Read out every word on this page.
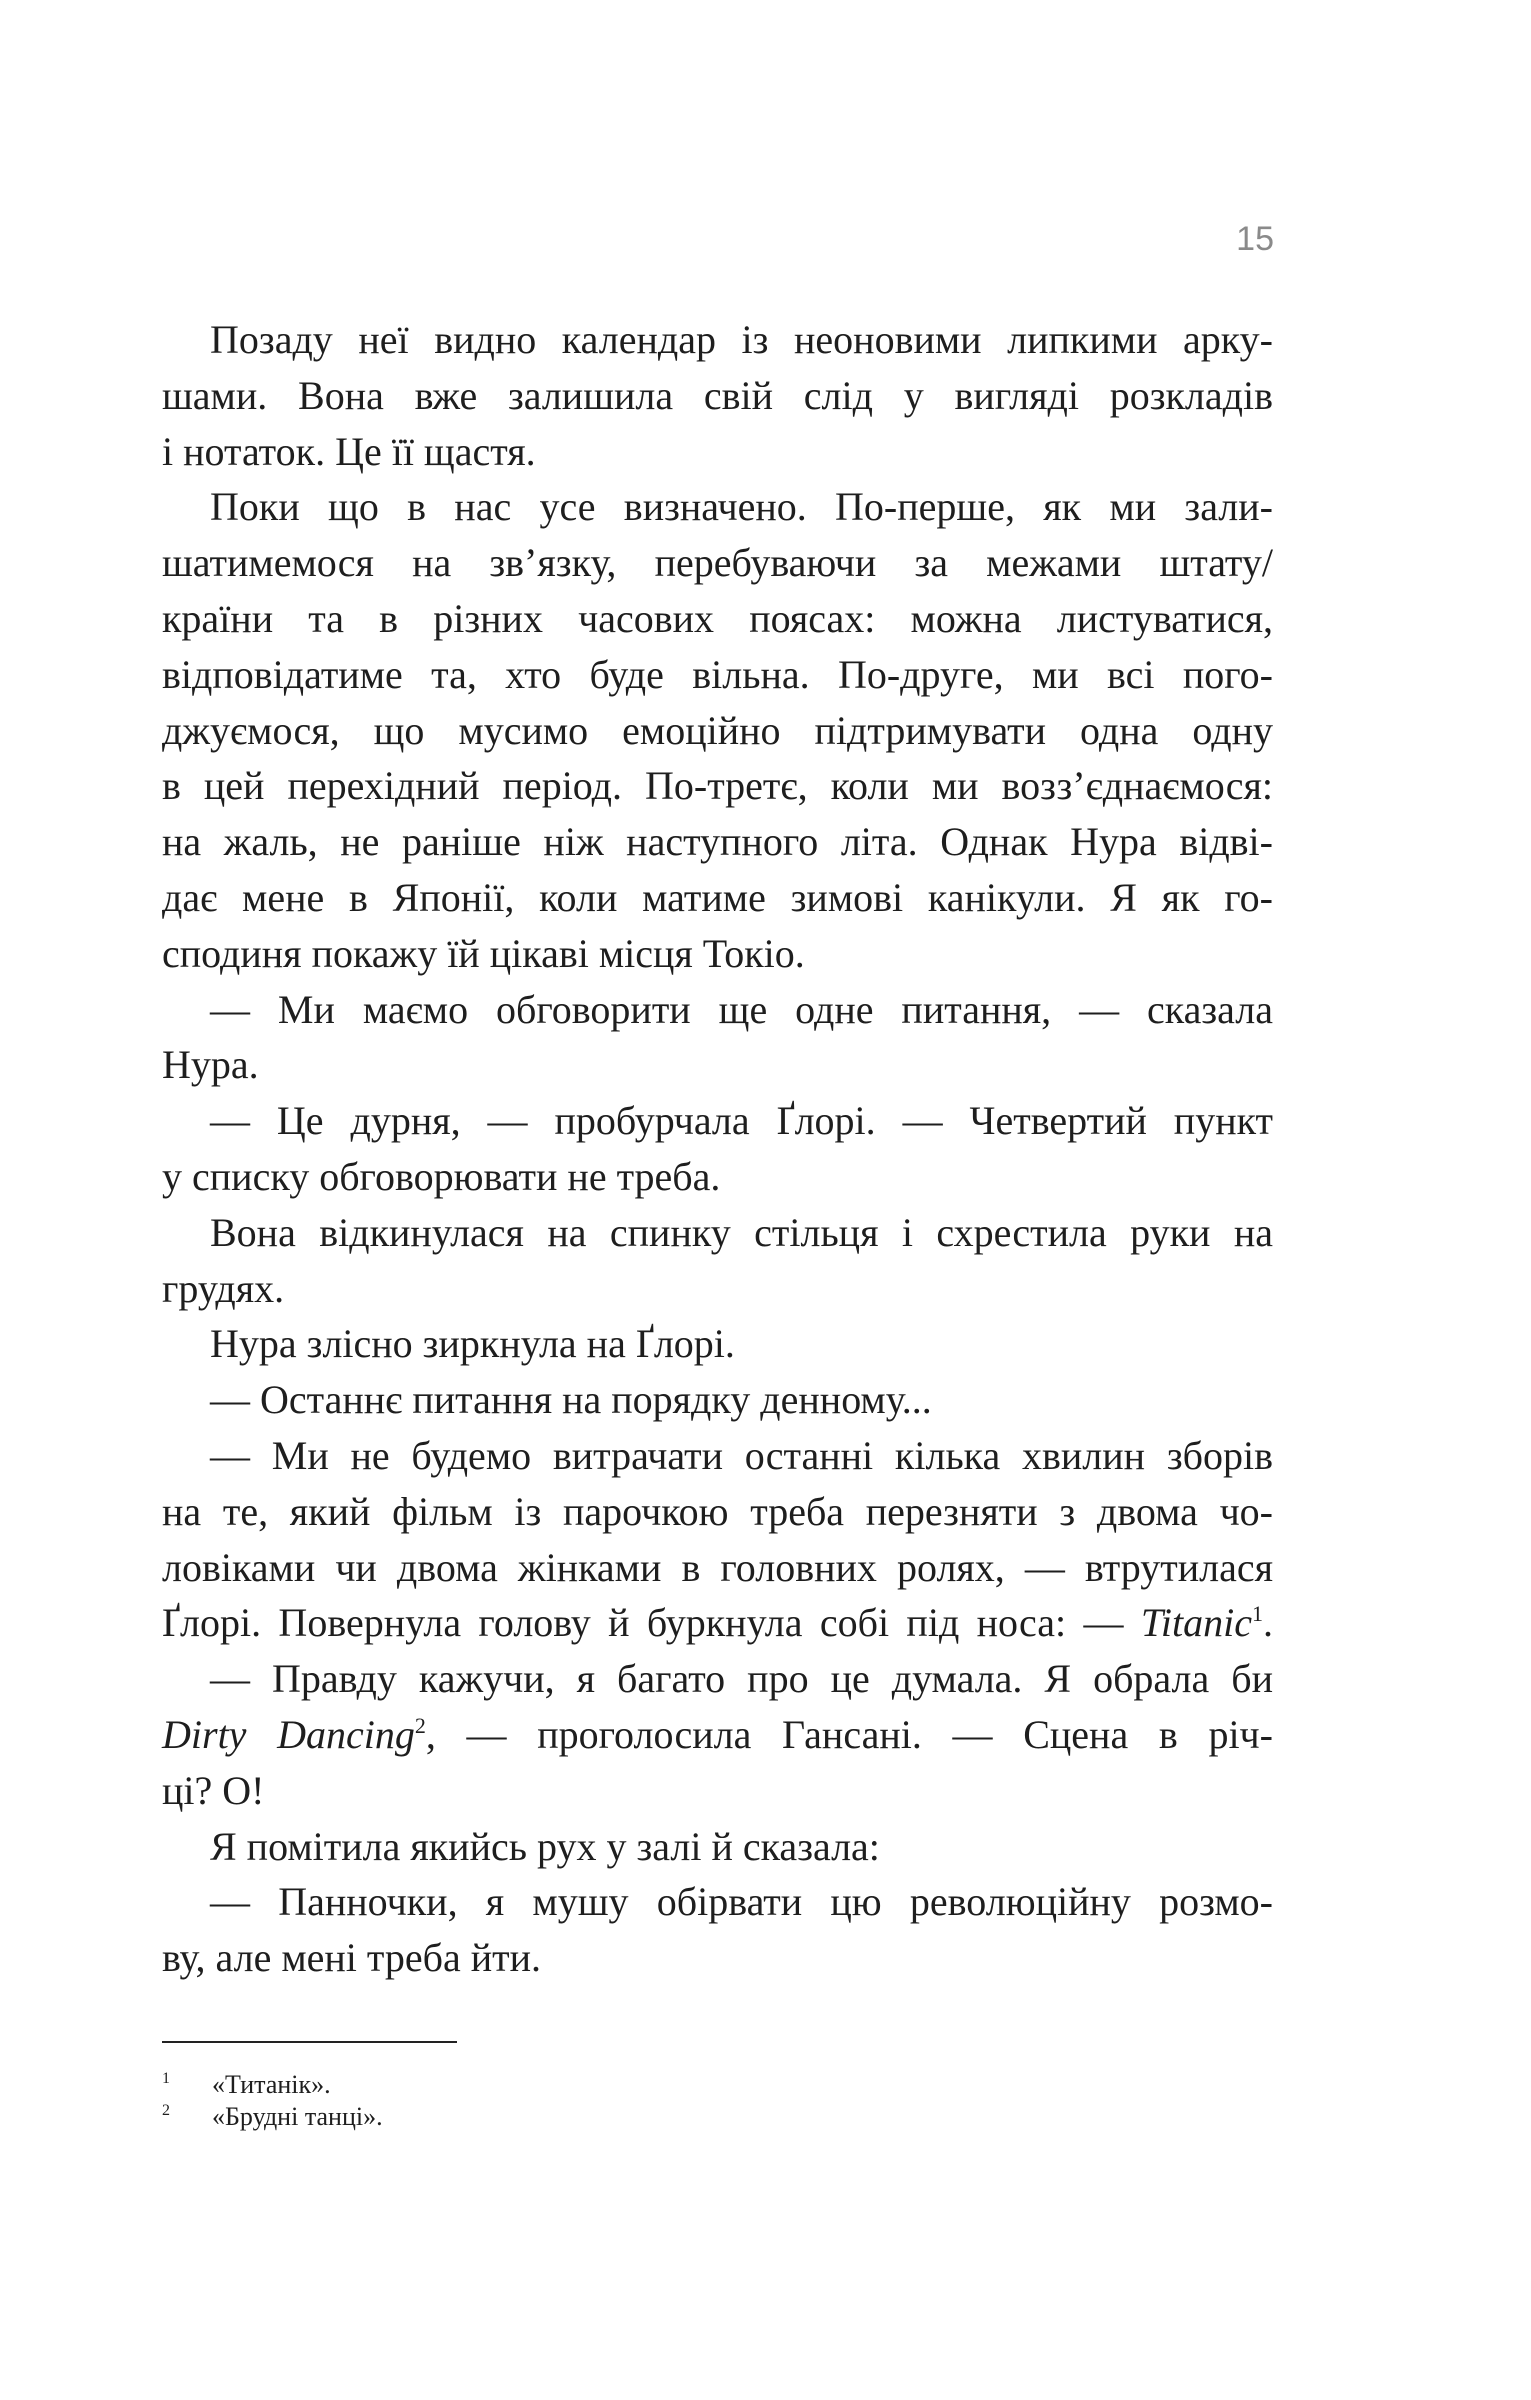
15
Позаду неї видно календар із неоновими липкими арку-
шами. Вона вже залишила свій слід у вигляді розкладів
і нотаток. Це її щастя.
Поки що в нас усе визначено. По-перше, як ми зали-
шатимемося на зв’язку, перебуваючи за межами штату/
країни та в різних часових поясах: можна листуватися,
відповідатиме та, хто буде вільна. По-друге, ми всі пого-
джуємося, що мусимо емоційно підтримувати одна одну
в цей перехідний період. По-третє, коли ми возз’єднаємося:
на жаль, не раніше ніж наступного літа. Однак Нура відві-
дає мене в Японії, коли матиме зимові канікули. Я як го-
сподиня покажу їй цікаві місця Токіо.
— Ми маємо обговорити ще одне питання, — сказала
Нура.
— Це дурня, — пробурчала Ґлорі. — Четвертий пункт
у списку обговорювати не треба.
Вона відкинулася на спинку стільця і схрестила руки на
грудях.
Нура злісно зиркнула на Ґлорі.
— Останнє питання на порядку денному...
— Ми не будемо витрачати останні кілька хвилин зборів
на те, який фільм із парочкою треба перезняти з двома чо-
ловіками чи двома жінками в головних ролях, — втрутилася
Ґлорі. Повернула голову й буркнула собі під носа: — Titanic$^1$.
— Правду кажучи, я багато про це думала. Я обрала би
Dirty Dancing$^2$, — проголосила Гансані. — Сцена в річ-
ці? О!
Я помітила якийсь рух у залі й сказала:
— Панночки, я мушу обірвати цю революційну розмо-
ву, але мені треба йти.
1	«Титанік».
2	«Брудні танці».
